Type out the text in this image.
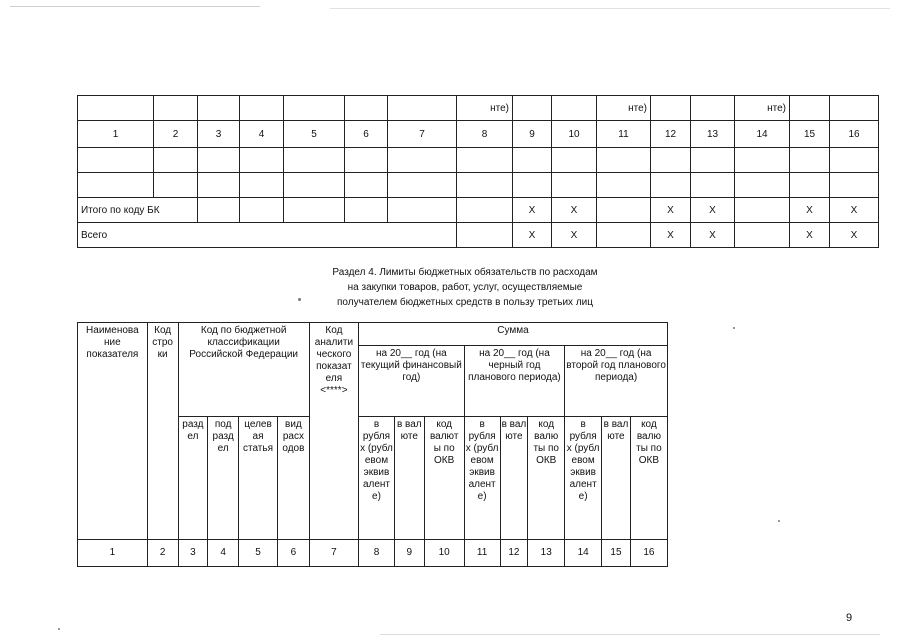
							нте)			нте)			нте)		
1	2	3	4	5	6	7	8	9	10	11	12	13	14	15	16

Итого по коду БК								X	X		X	X		X	X
Всего								X	X		X	X		X	X
Раздел 4. Лимиты бюджетных обязательств по расходам
на закупки товаров, работ, услуг, осуществляемые
получателем бюджетных средств в пользу третьих лиц
Наименова ние показателя	Код стро ки	Код по бюджетной классификации Российской Федерации				Код аналити ческого показат еля <****>	Сумма								
							на 20__ год (на текущий финансовый год)			на 20__ год (на черный год планового периода)			на 20__ год (на второй год планового периода)		
		разд ел	под разд ел	целев ая статья	вид расх одов		в рубля х (рубл евом эквив алент е)	в вал юте	код валют ы по ОКВ	в рубля х (рубл евом эквив алент е)	в вал юте	код валю ты по ОКВ	в рубля х (рубл евом эквив алент е)	в вал юте	код валю ты по ОКВ
1	2	3	4	5	6	7	8	9	10	11	12	13	14	15	16
9
